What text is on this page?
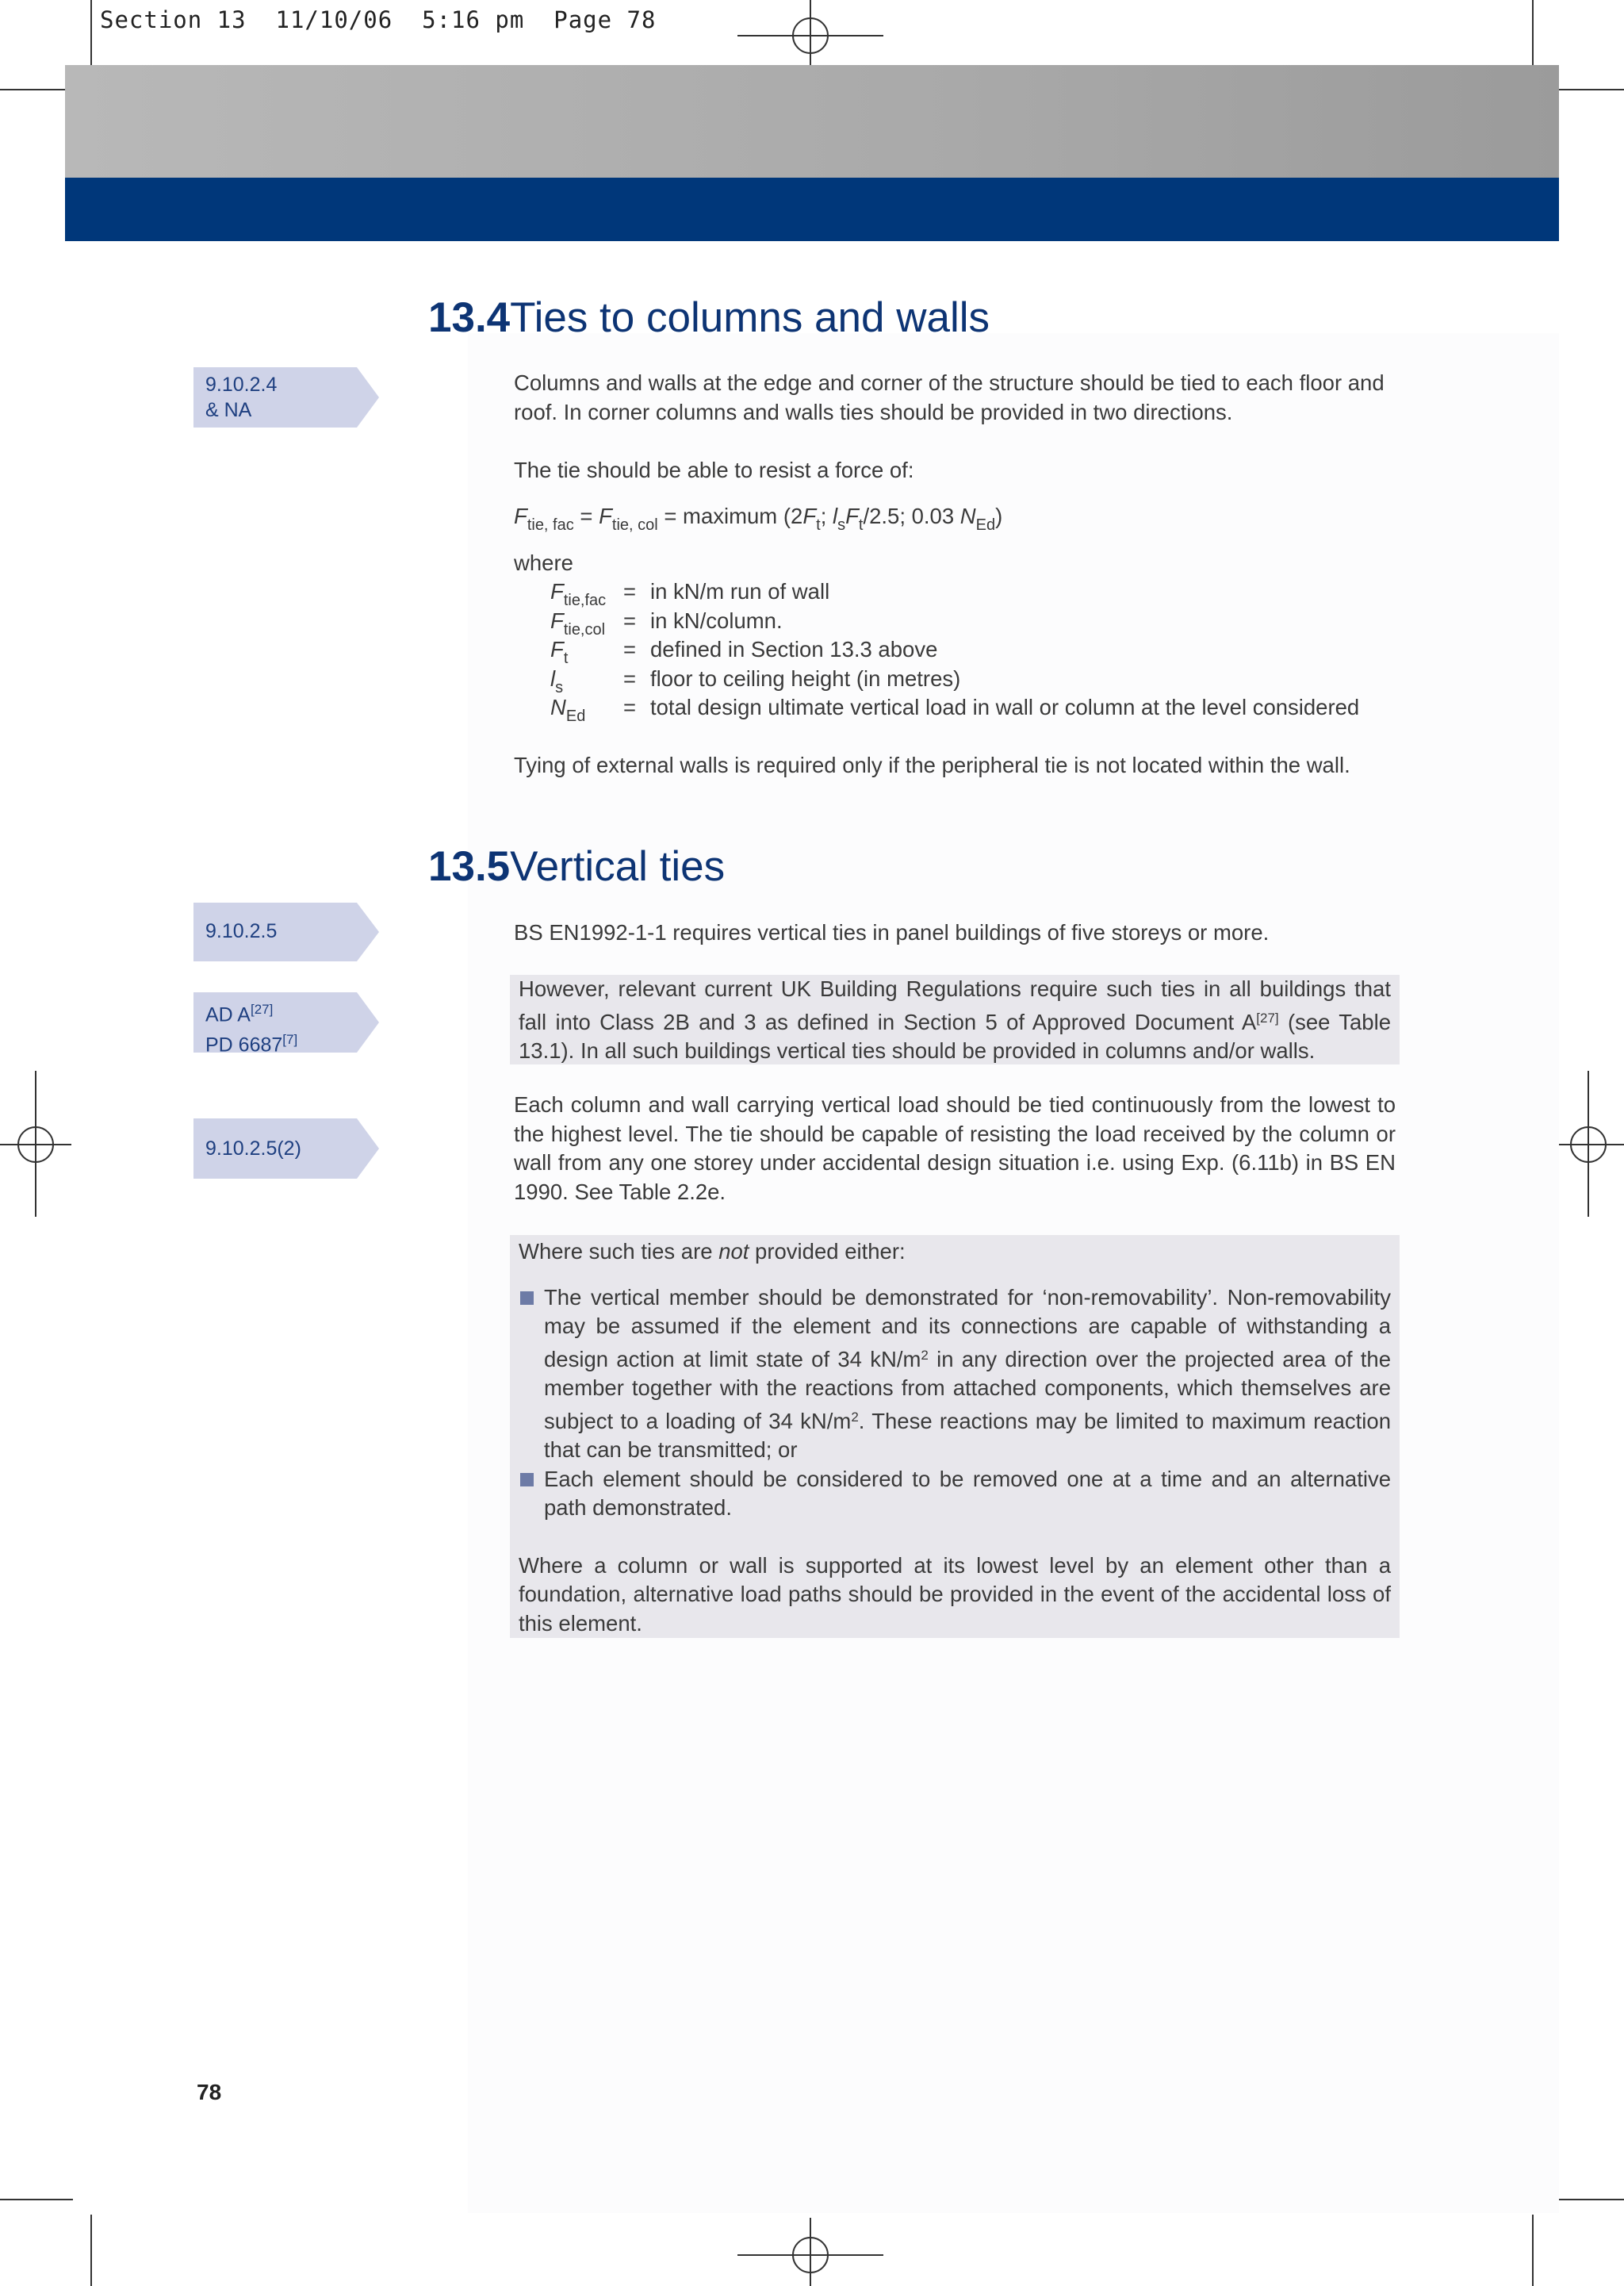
Section 13  11/10/06  5:16 pm  Page 78
13.4Ties to columns and walls
9.10.2.4
& NA
Columns and walls at the edge and corner of the structure should be tied to each floor and roof. In corner columns and walls ties should be provided in two directions.
The tie should be able to resist a force of:
$F_{tie, fac} = F_{tie, col}$ = maximum ($2F_t$; $l_sF_t/2.5$; 0.03 $N_{Ed}$)
where
$F_{tie,fac}$ = in kN/m run of wall
$F_{tie,col}$ = in kN/column.
$F_t$	= defined in Section 13.3 above
$l_s$	= floor to ceiling height (in metres)
$N_{Ed}$ = total design ultimate vertical load in wall or column at the level considered
Tying of external walls is required only if the peripheral tie is not located within the wall.
13.5Vertical ties
9.10.2.5
AD A[27]
PD 6687[7]
9.10.2.5(2)
BS EN1992-1-1 requires vertical ties in panel buildings of five storeys or more.
However, relevant current UK Building Regulations require such ties in all buildings that fall into Class 2B and 3 as defined in Section 5 of Approved Document A[27] (see Table 13.1). In all such buildings vertical ties should be provided in columns and/or walls.
Each column and wall carrying vertical load should be tied continuously from the lowest to the highest level. The tie should be capable of resisting the load received by the column or wall from any one storey under accidental design situation i.e. using Exp. (6.11b) in BS EN 1990. See Table 2.2e.
Where such ties are not provided either:
The vertical member should be demonstrated for ‘non-removability’. Non-removability may be assumed if the element and its connections are capable of withstanding a design action at limit state of 34 $kN/m^2$ in any direction over the projected area of the member together with the reactions from attached components, which themselves are subject to a loading of 34 $kN/m^2$. These reactions may be limited to maximum reaction that can be transmitted; or
Each element should be considered to be removed one at a time and an alternative path demonstrated.
Where a column or wall is supported at its lowest level by an element other than a foundation, alternative load paths should be provided in the event of the accidental loss of this element.
78
